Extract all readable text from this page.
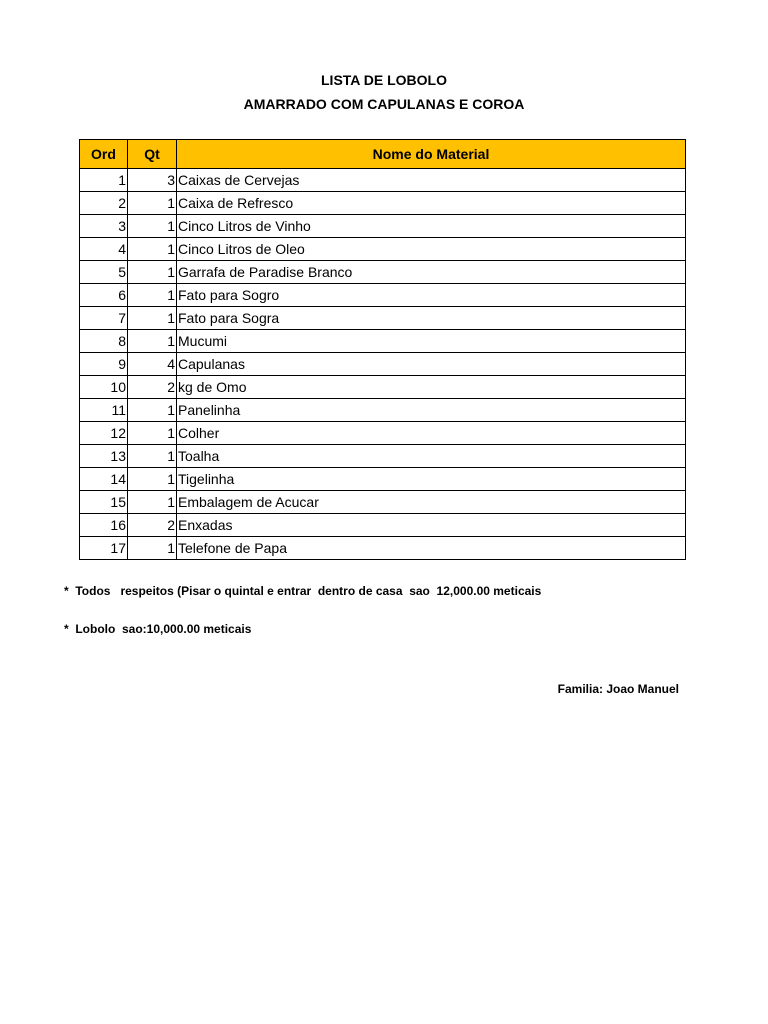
LISTA DE LOBOLO
AMARRADO COM CAPULANAS E COROA
Ord	Qt	Nome do Material
1	3	Caixas de Cervejas
2	1	Caixa de Refresco
3	1	Cinco Litros de Vinho
4	1	Cinco Litros de Oleo
5	1	Garrafa de Paradise Branco
6	1	Fato para Sogro
7	1	Fato para Sogra
8	1	Mucumi
9	4	Capulanas
10	2	kg de Omo
11	1	Panelinha
12	1	Colher
13	1	Toalha
14	1	Tigelinha
15	1	Embalagem de Acucar
16	2	Enxadas
17	1	Telefone de Papa
*  Todos   respeitos (Pisar o quintal e entrar  dentro de casa  sao  12,000.00 meticais
*  Lobolo  sao:10,000.00 meticais
Familia: Joao Manuel
